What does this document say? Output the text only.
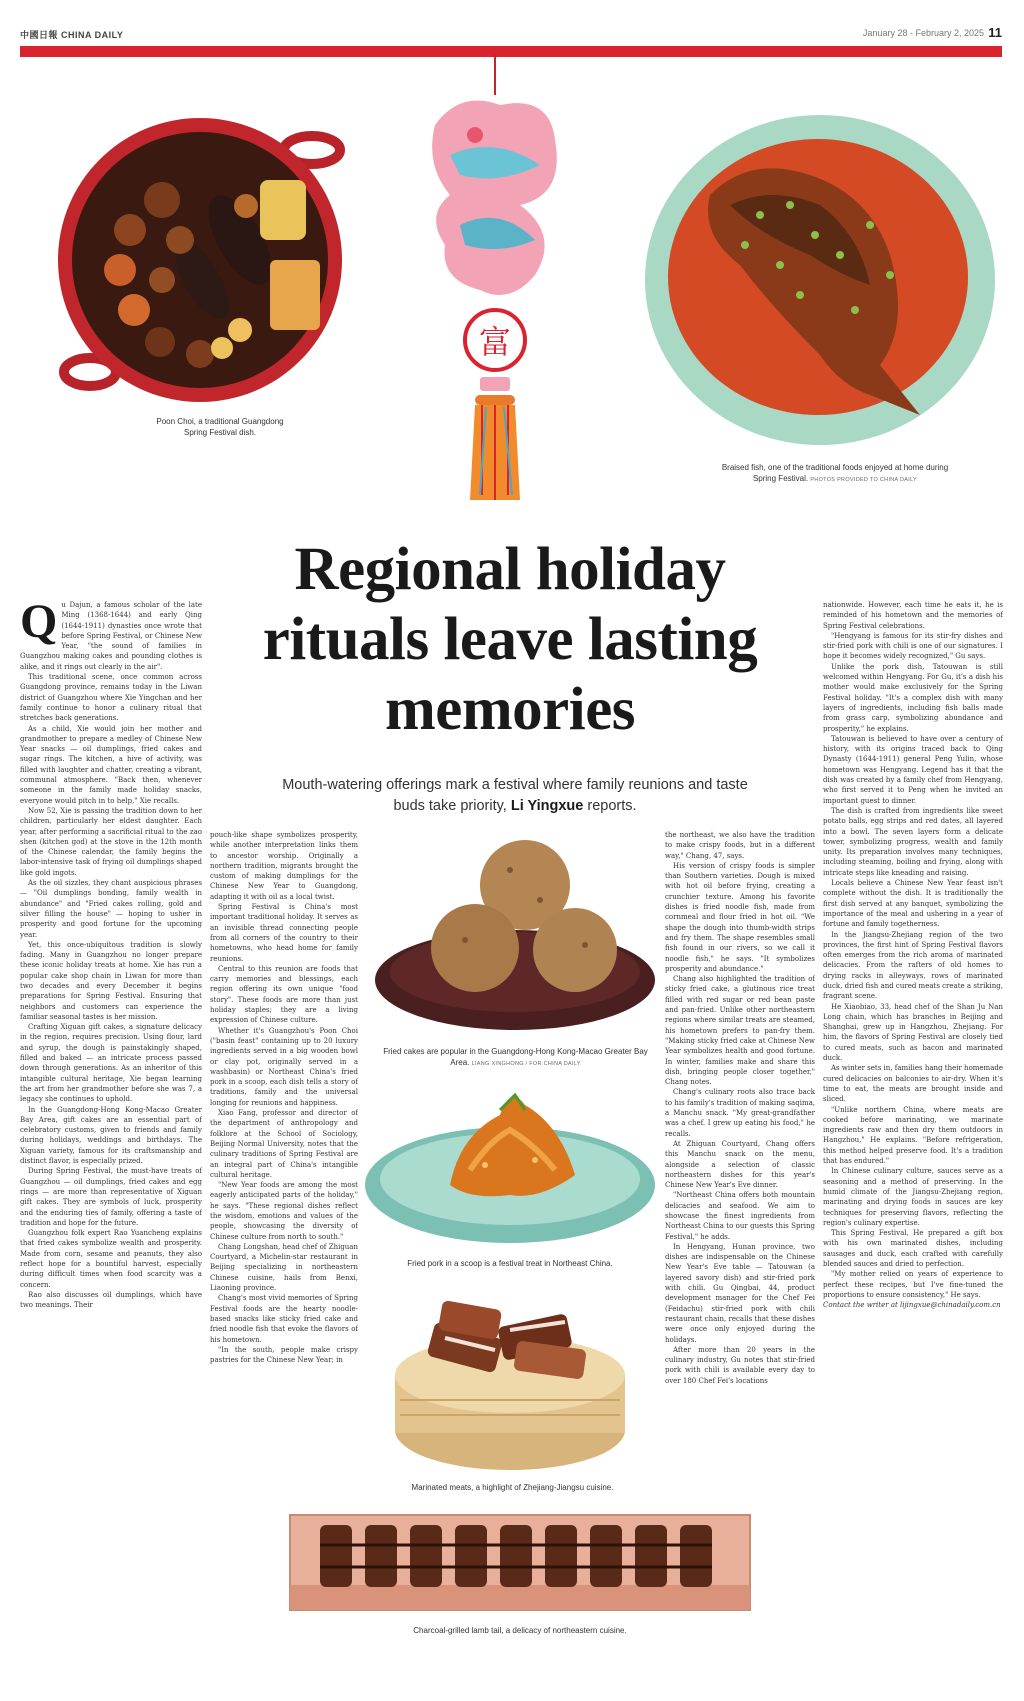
中國日報 CHINA DAILY	January 28 - February 2, 2025 11
Poon Choi, a traditional Guangdong Spring Festival dish.
富
Braised fish, one of the traditional foods enjoyed at home during Spring Festival. PHOTOS PROVIDED TO CHINA DAILY
Regional holiday rituals leave lasting memories
Mouth-watering offerings mark a festival where family reunions and taste buds take priority, Li Yingxue reports.
Fried cakes are popular in the Guangdong-Hong Kong-Macao Greater Bay Area. LIANG XINGHONG / FOR CHINA DAILY
Fried pork in a scoop is a festival treat in Northeast China.
Marinated meats, a highlight of Zhejiang-Jiangsu cuisine.
Charcoal-grilled lamb tail, a delicacy of northeastern cuisine.
Q u Dajun, a famous scholar of the late Ming (1368-1644) and early Qing (1644-1911) dynasties once wrote that before Spring Festival, or Chinese New Year, "the sound of families in Guangzhou making cakes and pounding clothes is alike, and it rings out clearly in the air".

This traditional scene, once common across Guangdong province, remains today in the Liwan district of Guangzhou where Xie Yingchan and her family continue to honor a culinary ritual that stretches back generations.

As a child, Xie would join her mother and grandmother to prepare a medley of Chinese New Year snacks — oil dumplings, fried cakes and sugar rings. The kitchen, a hive of activity, was filled with laughter and chatter, creating a vibrant, communal atmosphere. "Back then, whenever someone in the family made holiday snacks, everyone would pitch in to help," Xie recalls.

Now 52, Xie is passing the tradition down to her children, particularly her eldest daughter. Each year, after performing a sacrificial ritual to the zao shen (kitchen god) at the stove in the 12th month of the Chinese calendar, the family begins the labor-intensive task of frying oil dumplings shaped like gold ingots.

As the oil sizzles, they chant auspicious phrases — "Oil dumplings bonding, family wealth in abundance" and "Fried cakes rolling, gold and silver filling the house" — hoping to usher in prosperity and good fortune for the upcoming year.

Yet, this once-ubiquitous tradition is slowly fading. Many in Guangzhou no longer prepare these iconic holiday treats at home. Xie has run a popular cake shop chain in Liwan for more than two decades and every December it begins preparations for Spring Festival. Ensuring that neighbors and customers can experience the familiar seasonal tastes is her mission.

Crafting Xiguan gift cakes, a signature delicacy in the region, requires precision. Using flour, lard and syrup, the dough is painstakingly shaped, filled and baked — an intricate process passed down through generations. As an inheritor of this intangible cultural heritage, Xie began learning the art from her grandmother before she was 7, a legacy she continues to uphold.

In the Guangdong-Hong Kong-Macao Greater Bay Area, gift cakes are an essential part of celebratory customs, given to friends and family during holidays, weddings and birthdays. The Xiguan variety, famous for its craftsmanship and distinct flavor, is especially prized.

During Spring Festival, the must-have treats of Guangzhou — oil dumplings, fried cakes and egg rings — are more than representative of Xiguan gift cakes. They are symbols of luck, prosperity and the enduring ties of family, offering a taste of tradition and hope for the future.

Guangzhou folk expert Rao Yuancheng explains that fried cakes symbolize wealth and prosperity. Made from corn, sesame and peanuts, they also reflect hope for a bountiful harvest, especially during difficult times when food scarcity was a concern.

Rao also discusses oil dumplings, which have two meanings. Their

pouch-like shape symbolizes prosperity, while another interpretation links them to ancestor worship. Originally a northern tradition, migrants brought the custom of making dumplings for the Chinese New Year to Guangdong, adapting it with oil as a local twist.

Spring Festival is China's most important traditional holiday. It serves as an invisible thread connecting people from all corners of the country to their hometowns, who head home for family reunions.

Central to this reunion are foods that carry memories and blessings, each region offering its own unique "food story". These foods are more than just holiday staples; they are a living expression of Chinese culture.

Whether it's Guangzhou's Poon Choi ("basin feast" containing up to 20 luxury ingredients served in a big wooden bowl or clay pot, originally served in a washbasin) or Northeast China's fried pork in a scoop, each dish tells a story of traditions, family and the universal longing for reunions and happiness.

Xiao Fang, professor and director of the department of anthropology and folklore at the School of Sociology, Beijing Normal University, notes that the culinary traditions of Spring Festival are an integral part of China's intangible cultural heritage.

"New Year foods are among the most eagerly anticipated parts of the holiday," he says. "These regional dishes reflect the wisdom, emotions and values of the people, showcasing the diversity of Chinese culture from north to south."

Chang Longshan, head chef of Zhiguan Courtyard, a Michelin-star restaurant in Beijing specializing in northeastern Chinese cuisine, hails from Benxi, Liaoning province.

Chang's most vivid memories of Spring Festival foods are the hearty noodle-based snacks like sticky fried cake and fried noodle fish that evoke the flavors of his hometown.

"In the south, people make crispy pastries for the Chinese New Year; in

the northeast, we also have the tradition to make crispy foods, but in a different way," Chang, 47, says.

His version of crispy foods is simpler than Southern varieties. Dough is mixed with hot oil before frying, creating a crunchier texture. Among his favorite dishes is fried noodle fish, made from cornmeal and flour fried in hot oil. "We shape the dough into thumb-width strips and fry them. The shape resembles small fish found in our rivers, so we call it noodle fish," he says. "It symbolizes prosperity and abundance."

Chang also highlighted the tradition of sticky fried cake, a glutinous rice treat filled with red sugar or red bean paste and pan-fried. Unlike other northeastern regions where similar treats are steamed, his hometown prefers to pan-fry them. "Making sticky fried cake at Chinese New Year symbolizes health and good fortune. In winter, families make and share this dish, bringing people closer together," Chang notes.

Chang's culinary roots also trace back to his family's tradition of making saqima, a Manchu snack. "My great-grandfather was a chef. I grew up eating his food," he recalls.

At Zhiguan Courtyard, Chang offers this Manchu snack on the menu, alongside a selection of classic northeastern dishes for this year's Chinese New Year's Eve dinner.

"Northeast China offers both mountain delicacies and seafood. We aim to showcase the finest ingredients from Northeast China to our guests this Spring Festival," he adds.

In Hengyang, Hunan province, two dishes are indispensable on the Chinese New Year's Eve table — Tatouwan (a layered savory dish) and stir-fried pork with chili. Gu Qingbai, 44, product development manager for the Chef Fei (Feidachu) stir-fried pork with chili restaurant chain, recalls that these dishes were once only enjoyed during the holidays.

After more than 20 years in the culinary industry, Gu notes that stir-fried pork with chili is available every day to over 180 Chef Fei's locations

nationwide. However, each time he eats it, he is reminded of his hometown and the memories of Spring Festival celebrations.

"Hengyang is famous for its stir-fry dishes and stir-fried pork with chili is one of our signatures. I hope it becomes widely recognized," Gu says.

Unlike the pork dish, Tatouwan is still welcomed within Hengyang. For Gu, it's a dish his mother would make exclusively for the Spring Festival holiday. "It's a complex dish with many layers of ingredients, including fish balls made from grass carp, symbolizing abundance and prosperity," he explains.

Tatouwan is believed to have over a century of history, with its origins traced back to Qing Dynasty (1644-1911) general Peng Yulin, whose hometown was Hengyang. Legend has it that the dish was created by a family chef from Hengyang, who first served it to Peng when he invited an important guest to dinner.

The dish is crafted from ingredients like sweet potato balls, egg strips and red dates, all layered into a bowl. The seven layers form a delicate tower, symbolizing progress, wealth and family unity. Its preparation involves many techniques, including steaming, boiling and frying, along with intricate steps like kneading and raising.

Locals believe a Chinese New Year feast isn't complete without the dish. It is traditionally the first dish served at any banquet, symbolizing the importance of the meal and ushering in a year of fortune and family togetherness.

In the Jiangsu-Zhejiang region of the two provinces, the first hint of Spring Festival flavors often emerges from the rich aroma of marinated delicacies. From the rafters of old homes to drying racks in alleyways, rows of marinated duck, dried fish and cured meats create a striking, fragrant scene.

He Xiaobiao, 33, head chef of the Shan Ju Nan Long chain, which has branches in Beijing and Shanghai, grew up in Hangzhou, Zhejiang. For him, the flavors of Spring Festival are closely tied to cured meats, such as bacon and marinated duck.

As winter sets in, families hang their homemade cured delicacies on balconies to air-dry. When it's time to eat, the meats are brought inside and sliced.

"Unlike northern China, where meats are cooked before marinating, we marinate ingredients raw and then dry them outdoors in Hangzhou," He explains. "Before refrigeration, this method helped preserve food. It's a tradition that has endured."

In Chinese culinary culture, sauces serve as a seasoning and a method of preserving. In the humid climate of the Jiangsu-Zhejiang region, marinating and drying foods in sauces are key techniques for preserving flavors, reflecting the region's culinary expertise.

This Spring Festival, He prepared a gift box with his own marinated dishes, including sausages and duck, each crafted with carefully blended sauces and dried to perfection.

"My mother relied on years of experience to perfect these recipes, but I've fine-tuned the proportions to ensure consistency," He says.

Contact the writer at lijingxue@chinadaily.com.cn
